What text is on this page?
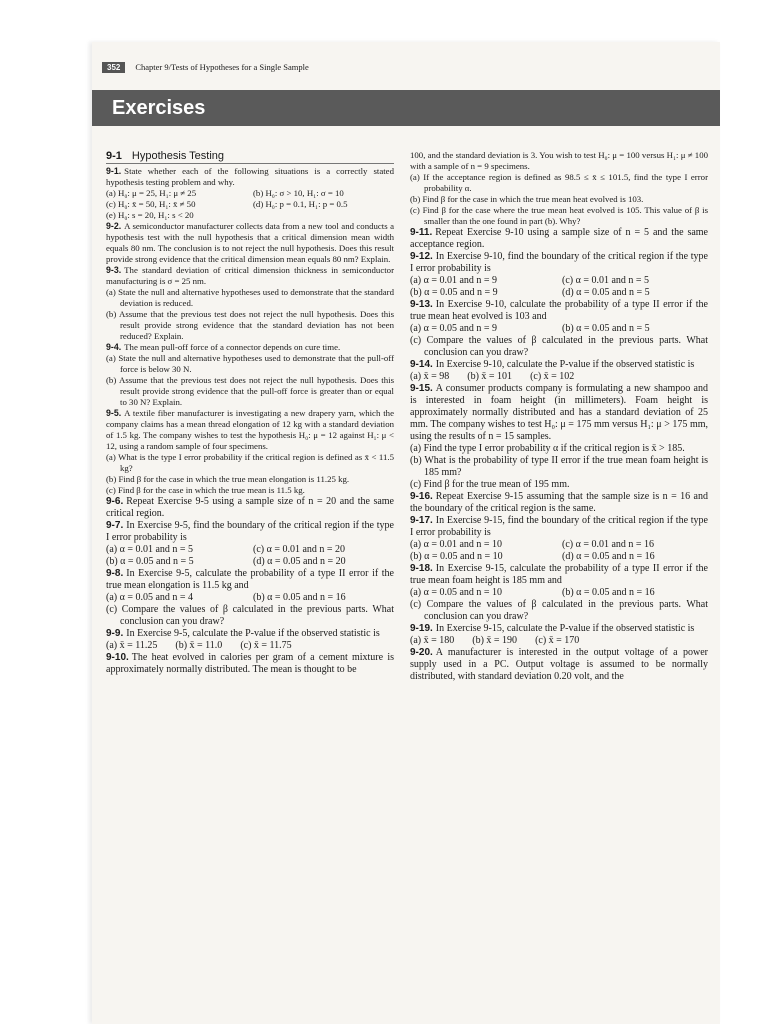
352	Chapter 9/Tests of Hypotheses for a Single Sample
Exercises
9-1 Hypothesis Testing

9-1. State whether each of the following situations is a correctly stated hypothesis testing problem and why.

(a) H₀: μ = 25, H₁: μ ≠ 25	(b) H₀: σ > 10, H₁: σ = 10

(c) H₀: x̄ = 50, H₁: x̄ ≠ 50	(d) H₀: p = 0.1, H₁: p = 0.5

(e) H₀: s = 20, H₁: s < 20

9-2. A semiconductor manufacturer collects data from a new tool and conducts a hypothesis test with the null hypothesis that a critical dimension mean width equals 80 nm. The conclusion is to not reject the null hypothesis. Does this result provide strong evidence that the critical dimension mean equals 80 nm? Explain.

9-3. The standard deviation of critical dimension thickness in semiconductor manufacturing is σ = 25 nm.

(a) State the null and alternative hypotheses used to demonstrate that the standard deviation is reduced.

(b) Assume that the previous test does not reject the null hypothesis. Does this result provide strong evidence that the standard deviation has not been reduced? Explain.

9-4. The mean pull-off force of a connector depends on cure time.

(a) State the null and alternative hypotheses used to demonstrate that the pull-off force is below 30 N.

(b) Assume that the previous test does not reject the null hypothesis. Does this result provide strong evidence that the pull-off force is greater than or equal to 30 N? Explain.

9-5. A textile fiber manufacturer is investigating a new drapery yarn, which the company claims has a mean thread elongation of 12 kg with a standard deviation of 1.5 kg. The company wishes to test the hypothesis H₀: μ = 12 against H₁: μ < 12, using a random sample of four specimens.

(a) What is the type I error probability if the critical region is defined as x̄ < 11.5 kg?

(b) Find β for the case in which the true mean elongation is 11.25 kg.

(c) Find β for the case in which the true mean is 11.5 kg.

9-6. Repeat Exercise 9-5 using a sample size of n = 20 and the same critical region.

9-7. In Exercise 9-5, find the boundary of the critical region if the type I error probability is

(a) α = 0.01 and n = 5	(c) α = 0.01 and n = 20

(b) α = 0.05 and n = 5	(d) α = 0.05 and n = 20

9-8. In Exercise 9-5, calculate the probability of a type II error if the true mean elongation is 11.5 kg and

(a) α = 0.05 and n = 4	(b) α = 0.05 and n = 16

(c) Compare the values of β calculated in the previous parts. What conclusion can you draw?

9-9. In Exercise 9-5, calculate the P-value if the observed statistic is

(a) x̄ = 11.25 (b) x̄ = 11.0 (c) x̄ = 11.75

9-10. The heat evolved in calories per gram of a cement mixture is approximately normally distributed. The mean is thought to be

100, and the standard deviation is 3. You wish to test H₀: μ = 100 versus H₁: μ ≠ 100 with a sample of n = 9 specimens.

(a) If the acceptance region is defined as 98.5 ≤ x̄ ≤ 101.5, find the type I error probability α.

(b) Find β for the case in which the true mean heat evolved is 103.

(c) Find β for the case where the true mean heat evolved is 105. This value of β is smaller than the one found in part (b). Why?

9-11. Repeat Exercise 9-10 using a sample size of n = 5 and the same acceptance region.

9-12. In Exercise 9-10, find the boundary of the critical region if the type I error probability is

(a) α = 0.01 and n = 9	(c) α = 0.01 and n = 5

(b) α = 0.05 and n = 9	(d) α = 0.05 and n = 5

9-13. In Exercise 9-10, calculate the probability of a type II error if the true mean heat evolved is 103 and

(a) α = 0.05 and n = 9	(b) α = 0.05 and n = 5

(c) Compare the values of β calculated in the previous parts. What conclusion can you draw?

9-14. In Exercise 9-10, calculate the P-value if the observed statistic is

(a) x̄ = 98 (b) x̄ = 101 (c) x̄ = 102

9-15. A consumer products company is formulating a new shampoo and is interested in foam height (in millimeters). Foam height is approximately normally distributed and has a standard deviation of 25 mm. The company wishes to test H₀: μ = 175 mm versus H₁: μ > 175 mm, using the results of n = 15 samples.

(a) Find the type I error probability α if the critical region is x̄ > 185.

(b) What is the probability of type II error if the true mean foam height is 185 mm?

(c) Find β for the true mean of 195 mm.

9-16. Repeat Exercise 9-15 assuming that the sample size is n = 16 and the boundary of the critical region is the same.

9-17. In Exercise 9-15, find the boundary of the critical region if the type I error probability is

(a) α = 0.01 and n = 10	(c) α = 0.01 and n = 16

(b) α = 0.05 and n = 10	(d) α = 0.05 and n = 16

9-18. In Exercise 9-15, calculate the probability of a type II error if the true mean foam height is 185 mm and

(a) α = 0.05 and n = 10	(b) α = 0.05 and n = 16

(c) Compare the values of β calculated in the previous parts. What conclusion can you draw?

9-19. In Exercise 9-15, calculate the P-value if the observed statistic is

(a) x̄ = 180 (b) x̄ = 190 (c) x̄ = 170

9-20. A manufacturer is interested in the output voltage of a power supply used in a PC. Output voltage is assumed to be normally distributed, with standard deviation 0.20 volt, and the
